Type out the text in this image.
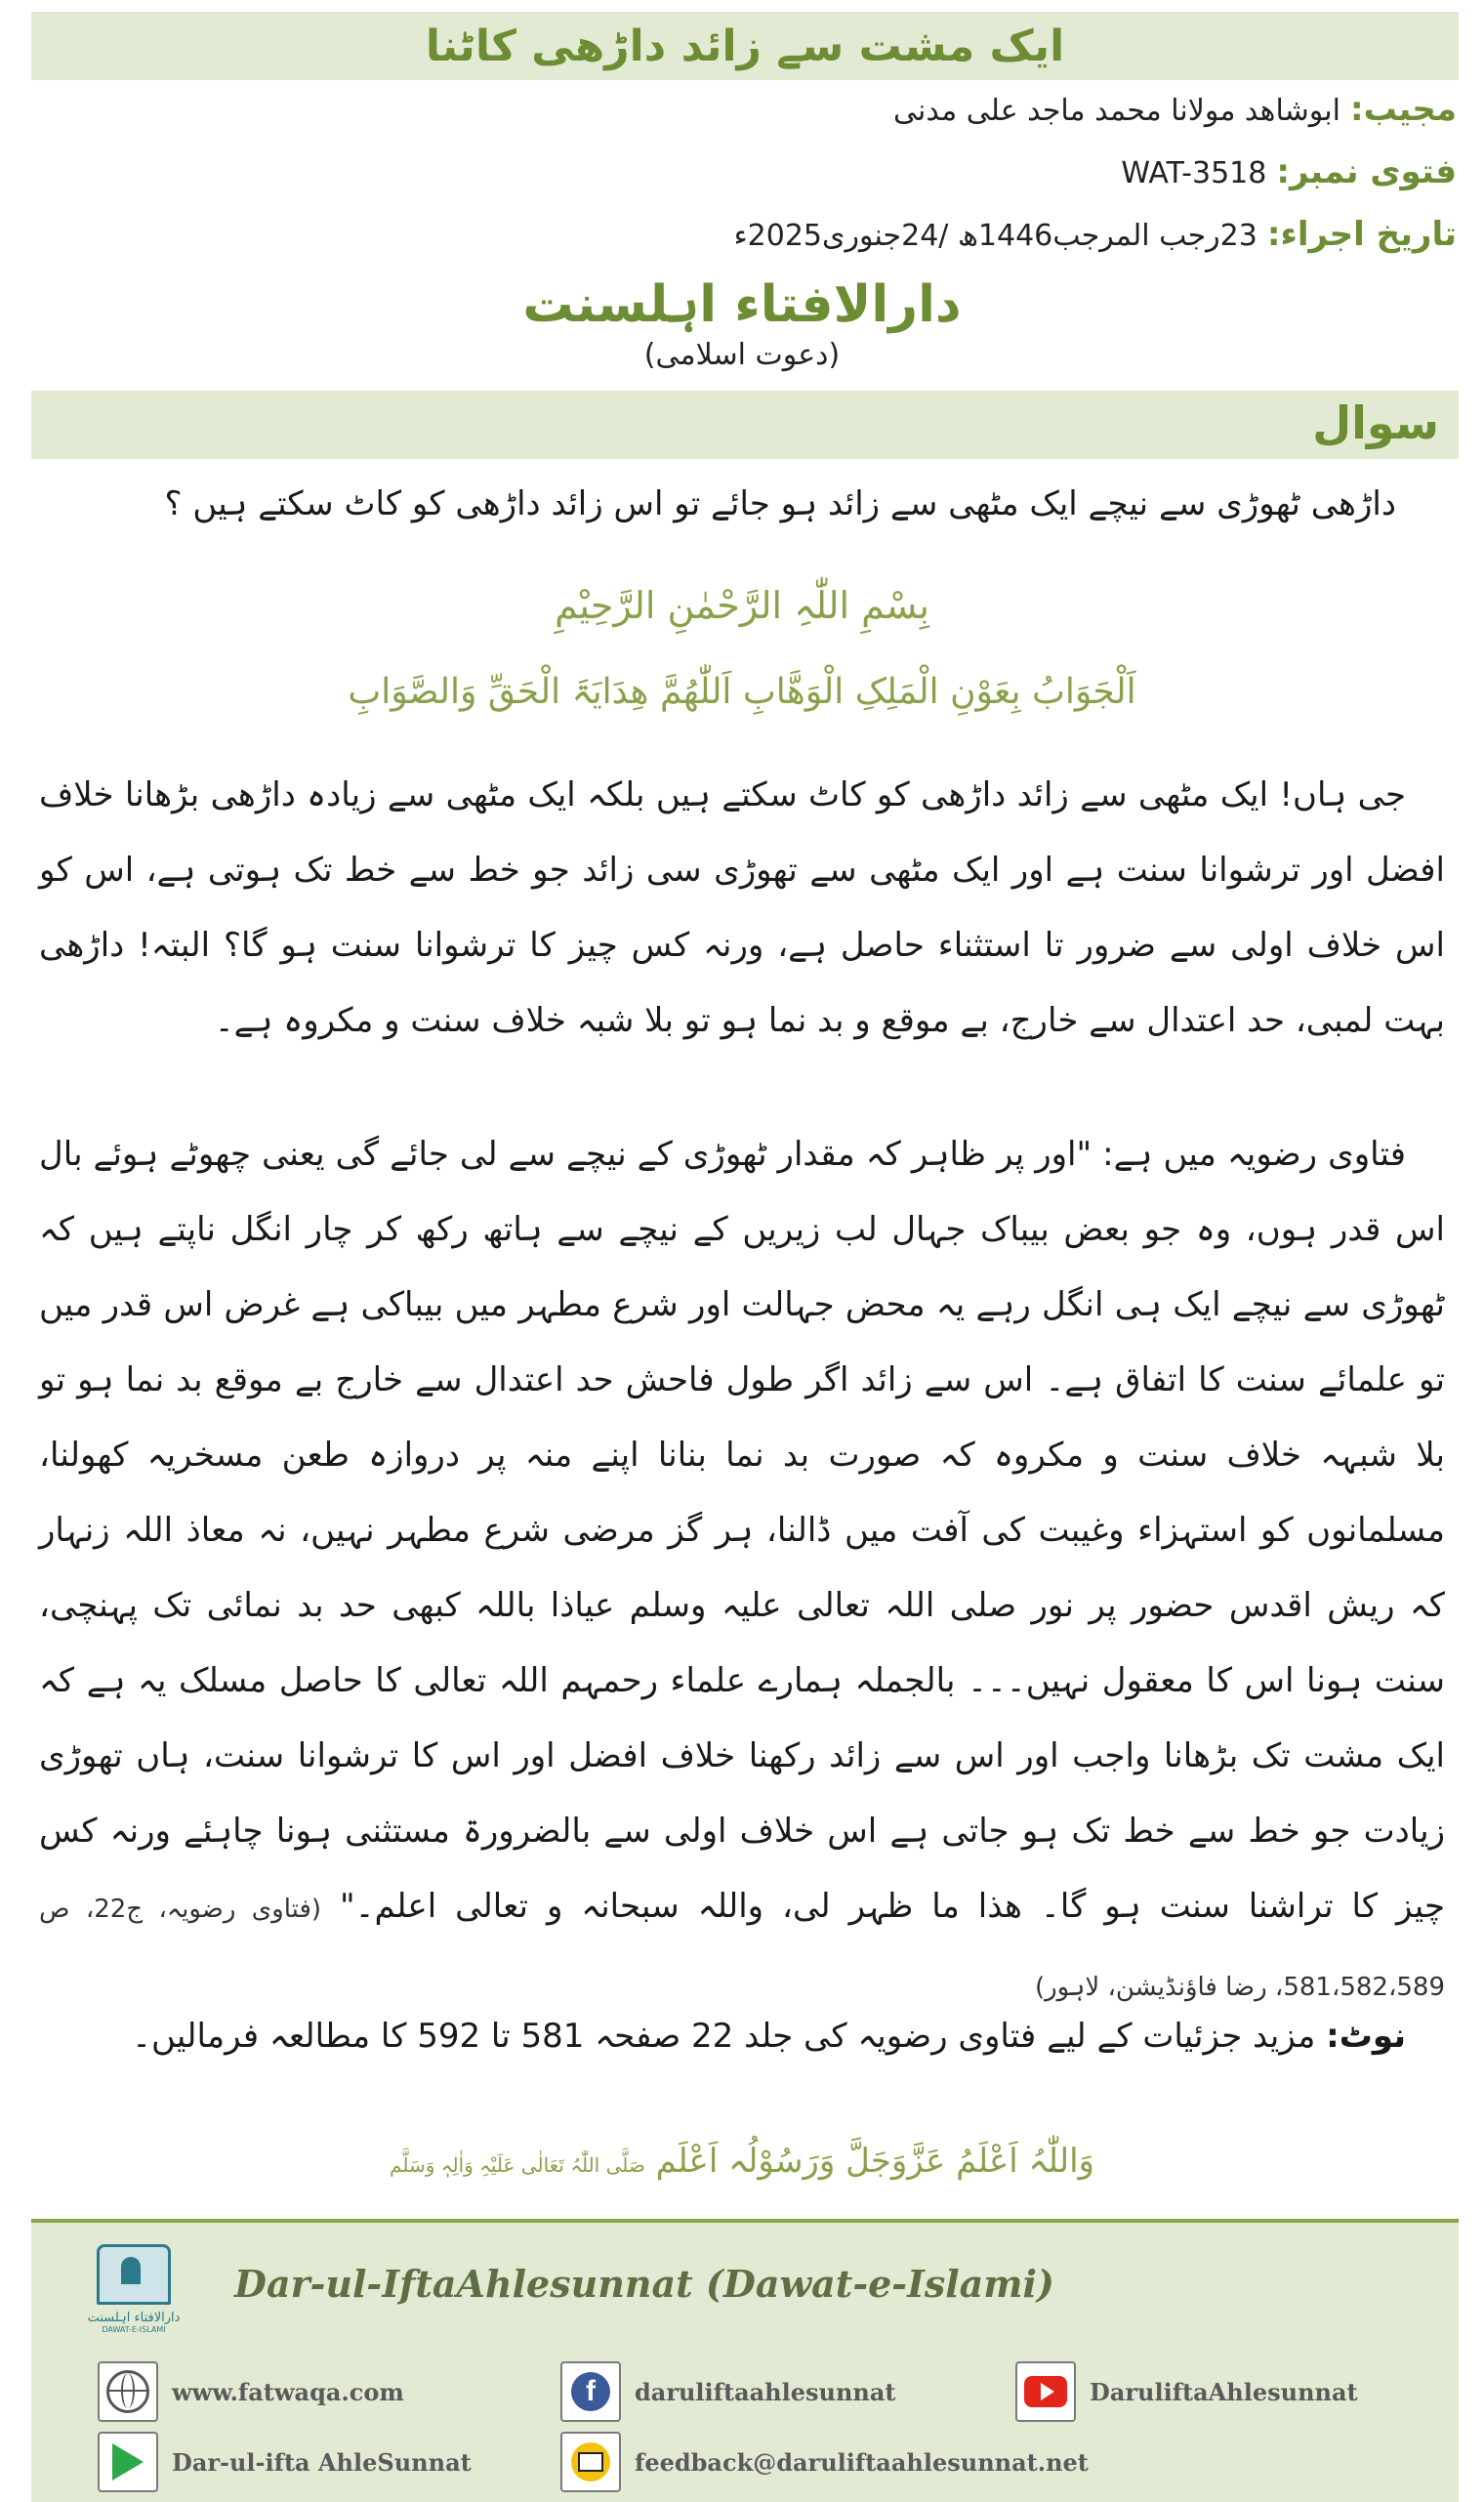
ایک مشت سے زائد داڑھی کاٹنا
مجیب:
ابوشاھد مولانا محمد ماجد علی مدنی
فتوی نمبر:
WAT-3518
تاریخ اجراء:
23رجب المرجب1446ھ /24جنوری2025ء
دارالافتاء اہلسنت
(دعوت اسلامی)
سوال
داڑھی ٹھوڑی سے نیچے ایک مٹھی سے زائد ہو جائے تو اس زائد داڑھی کو کاٹ سکتے ہیں ؟
بِسْمِ اللّٰہِ الرَّحْمٰنِ الرَّحِیْمِ
اَلْجَوَابُ بِعَوْنِ الْمَلِکِ الْوَھَّابِ اَللّٰھُمَّ ھِدَایَۃَ الْحَقِّ وَالصَّوَابِ
جی ہاں! ایک مٹھی سے زائد داڑھی کو کاٹ سکتے ہیں بلکہ ایک مٹھی سے زیادہ داڑھی بڑھانا خلاف افضل اور ترشوانا سنت ہے اور ایک مٹھی سے تھوڑی سی زائد جو خط سے خط تک ہوتی ہے، اس کو اس خلاف اولی سے ضرور تا استثناء حاصل ہے، ورنہ کس چیز کا ترشوانا سنت ہو گا؟ البتہ! داڑھی بہت لمبی، حد اعتدال سے خارج، بے موقع و بد نما ہو تو بلا شبہ خلاف سنت و مکروہ ہے۔
فتاوی رضویہ میں ہے: "اور پر ظاہر کہ مقدار ٹھوڑی کے نیچے سے لی جائے گی یعنی چھوٹے ہوئے بال اس قدر ہوں، وہ جو بعض بیباک جہال لب زیریں کے نیچے سے ہاتھ رکھ کر چار انگل ناپتے ہیں کہ ٹھوڑی سے نیچے ایک ہی انگل رہے یہ محض جہالت اور شرع مطہر میں بیباکی ہے غرض اس قدر میں تو علمائے سنت کا اتفاق ہے۔ اس سے زائد اگر طول فاحش حد اعتدال سے خارج بے موقع بد نما ہو تو بلا شبہہ خلاف سنت و مکروہ کہ صورت بد نما بنانا اپنے منہ پر دروازہ طعن مسخریہ کھولنا، مسلمانوں کو استہزاء وغیبت کی آفت میں ڈالنا، ہر گز مرضی شرع مطہر نہیں، نہ معاذ اللہ زنہار کہ ریش اقدس حضور پر نور صلی اللہ تعالی علیہ وسلم عیاذا باللہ کبھی حد بد نمائی تک پہنچی، سنت ہونا اس کا معقول نہیں۔۔۔ بالجملہ ہمارے علماء رحمہم اللہ تعالی کا حاصل مسلک یہ ہے کہ ایک مشت تک بڑھانا واجب اور اس سے زائد رکھنا خلاف افضل اور اس کا ترشوانا سنت، ہاں تھوڑی زیادت جو خط سے خط تک ہو جاتی ہے اس خلاف اولی سے بالضرورۃ مستثنی ہونا چاہئے ورنہ کس چیز کا تراشنا سنت ہو گا۔ ھذا ما ظہر لی، واللہ سبحانہ و تعالی اعلم۔" (فتاوی رضویہ، ج22، ص 581،582،589، رضا فاؤنڈیشن، لاہور)
نوٹ: مزید جزئیات کے لیے فتاوی رضویہ کی جلد 22 صفحہ 581 تا 592 کا مطالعہ فرمالیں۔
وَاللّٰہُ اَعْلَمُ عَزَّوَجَلَّ وَرَسُوْلُہ اَعْلَم صَلَّی اللّٰہُ تَعَالٰی عَلَیْہِ وَاٰلِہٖ وَسَلَّم
دارالافتاء اہلسنت
DAWAT-E-ISLAMI
Dar-ul-IftaAhlesunnat (Dawat-e-Islami)
www.fatwaqa.com	f	daruliftaahlesunnat	DaruliftaAhlesunnat
Dar-ul-ifta AhleSunnat	feedback@daruliftaahlesunnat.net
